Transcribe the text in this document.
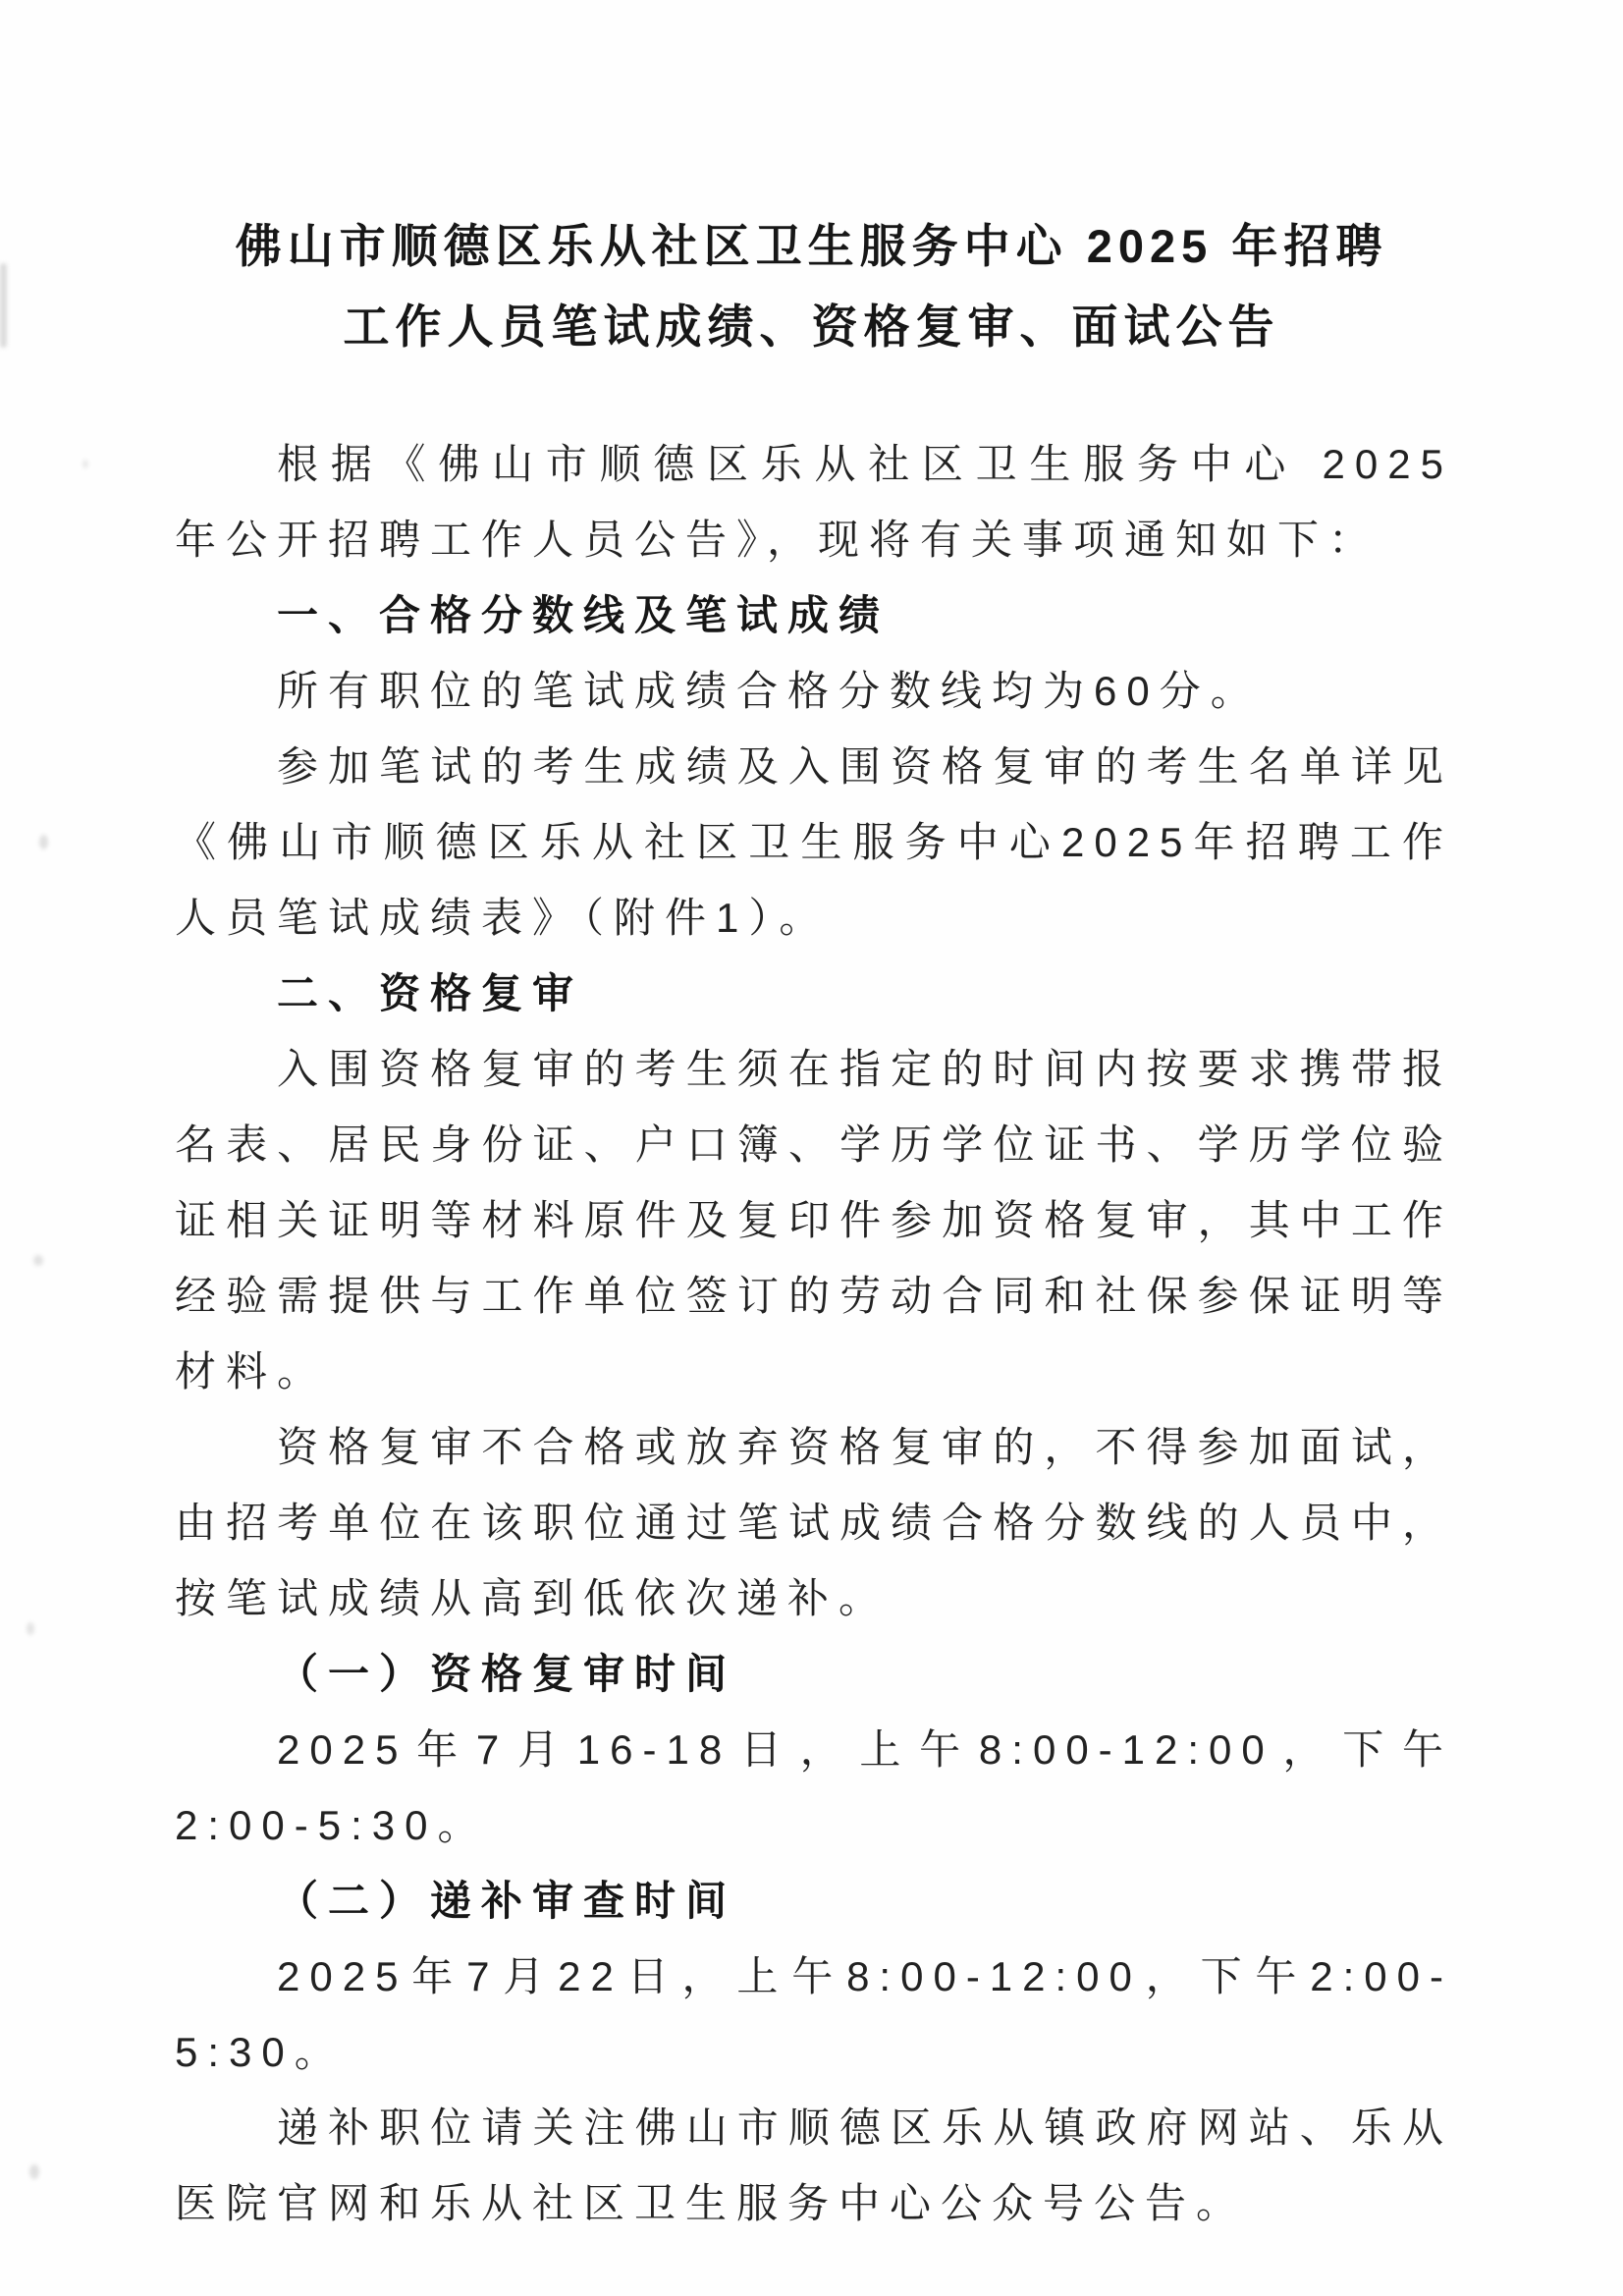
佛山市顺德区乐从社区卫生服务中心 2025 年招聘
工作人员笔试成绩、资格复审、面试公告

根据《佛山市顺德区乐从社区卫生服务中心 2025 年公开招聘工作人员公告》，现将有关事项通知如下：

一、合格分数线及笔试成绩

所有职位的笔试成绩合格分数线均为60分。

参加笔试的考生成绩及入围资格复审的考生名单详见《佛山市顺德区乐从社区卫生服务中心2025年招聘工作人员笔试成绩表》（附件1）。

二、资格复审

入围资格复审的考生须在指定的时间内按要求携带报名表、居民身份证、户口簿、学历学位证书、学历学位验证相关证明等材料原件及复印件参加资格复审，其中工作经验需提供与工作单位签订的劳动合同和社保参保证明等材料。

资格复审不合格或放弃资格复审的，不得参加面试，由招考单位在该职位通过笔试成绩合格分数线的人员中，按笔试成绩从高到低依次递补。

（一）资格复审时间

2025年7月16-18日，上午8:00-12:00，下午2:00-5:30。

（二）递补审查时间

2025年7月22日，上午8:00-12:00，下午2:00-5:30。

递补职位请关注佛山市顺德区乐从镇政府网站、乐从医院官网和乐从社区卫生服务中心公众号公告。
